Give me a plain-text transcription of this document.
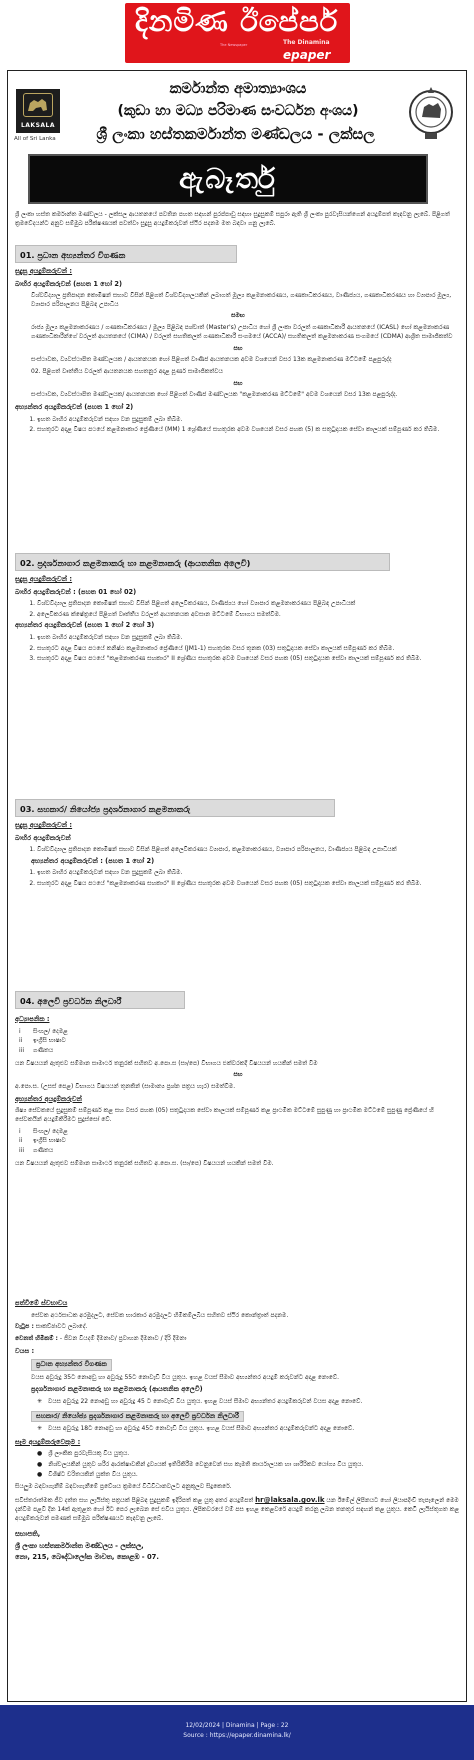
දිනමිණ ඊපේපර්
The Newspaper	The Dinamina
epaper
LAKSALA
All of Sri Lanka
කර්මාන්ත අමාත්‍යාංශය
(කුඩා හා මධ්‍ය පරිමාණ සංවර්ධන අංශය)
ශ්‍රී ලංකා හස්තකර්මාන්ත මණ්ඩලය - ලක්සල
ඇබෑර්තු
ශ්‍රී ලංකා හස්ත කර්මාන්ත මණ්ඩලය - ලක්සල ආයතනයේ පවතින පහත සඳහන් පුරප්පාඩු සඳහා සුදුසුකම් සපුරා ඇති ශ්‍රී ලංකා පුරවැසියන්ගෙන් අයදුම්පත් කැඳවනු ලැබේ. පිළිගත් ක්‍රමවේදයන්ට අනුව සම්මුඛ පරීක්ෂණයක් පවත්වා සුදුසු අයදුම්කරුවන් ස්ථිර පදනම මත බඳවා ගනු ලැබේ.
01. ප්‍රධාන අභ්‍යන්තර විගණක
සුදුසු අයදුම්කරුවන් :
බාහිර අයදුම්කරුවන් (පහත 1 හෝ 2)
විශ්වවිද්‍යාල ප්‍රතිපාදන කොමිෂන් සභාව විසින් පිළිගත් විශ්වවිද්‍යාලයකින් ලබාගත් මූල්‍ය කළමනාකරණය, ගණකාධිකරණය, වාණිජ්‍යය, ගණකාධිකරණය හා ව්‍යාපාර මූල්‍ය, ව්‍යාපාර පරිපාලනය පිළිබඳ උපාධිය
සමඟ
රාජ්‍ය මූල්‍ය කළමනාකරණය / ගණකාධිකරණය / මූල්‍ය පිළිබඳ පශ්චාත් (Master's) උපාධිය හෝ ශ්‍රී ලංකා වරලත් ගණකාධිකාරී ආයතනයේ (ICASL) හෝ කළමනාකරණ ගණකාධිකාරීන්ගේ වරලත් ආයතනයේ (CIMA) / වරලත් සහතිකලත් ගණකාධිකාරී සංගමයේ (ACCA)/ සහතිකලත් කළමනාකරණ සංගමයේ (CDMA) ආශ්‍රිත සාමාජිකත්ව
සහ
සංස්ථාවක, ව්‍යවස්ථාපිත මණ්ඩලයක / ආයතනයක හෝ පිළිගත් වාණිජ ආයතනයක අවම වශයෙන් වසර 13ක කළමනාකරණ මට්ටමේ පළපුරුද්ද
02. පිළිගත් වෘත්තීය වරලත් ආයතනයක සහතනුර අදාළ පූර්ණ සාමාජිකත්වය
සහ
සංස්ථාවක, ව්‍යවස්ථාපිත මණ්ඩලයක/ ආයතනයක හෝ පිළිගත් වාණිජ මණ්ඩලයක "කළමනාකරණ මට්ටමේ" අවම වශයෙන් වසර 13ක පළපුරුද්ද.
අභ්‍යන්තර අයදුම්කරුවන් (පහත 1 හෝ 2)
1. ඉහත බාහිර අයදුම්කරුවන් සඳහා වන සුදුසුකම් ලබා තිබීම.
2. සහතුරට අදාළ විෂය පථයේ කළමනාකාර ප්‍රේණියේ (MM) 1 ශ්‍රේණියේ සහතුරක අවම වශයෙන් වසර පහක (5) ක සතුටුදායක සේවා කාලයක් සම්පූර්ණ කර තිබීම.
02. ප්‍රදර්ශනාගාර කළමනාකරු හා කළමනාකරු (ආයතනික අලෙවි)
සුදුසු අයදුම්කරුවන් :
බාහිර අයදුම්කරුවන් : (පහත 01 හෝ 02)
1. විශ්වවිද්‍යාල ප්‍රතිපාදන කොමිෂන් සභාව විසින් පිළිගත් අලෙවිකරණය, වාණිජ්‍යය හෝ ව්‍යාපාර කළමනාකරණය පිළිබඳ උපාධියක්
2. අලෙවිකරණ ක්ෂේත්‍රයේ පිළිගත් වෘත්තීය වරලත් ආයතනයක අවසාන මට්ටමේ විභාගය සමත්වීම.
අභ්‍යන්තර අයදුම්කරුවන් (පහත 1 හෝ 2 හෝ 3)
1. ඉහත බාහිර අයදුම්කරුවන් සඳහා වන සුදුසුකම් ලබා තිබීම.
2. සහතුරට අදාළ විෂය පථයේ කනිෂ්ඨ කළමනාකාර ප්‍රේණියේ (JM1-1) සහතුරක වසර තුනක (03) සතුටුදායක සේවා කාලයක් සම්පූර්ණ කර තිබීම.
3. සහතුරට අදාළ විෂය පථයේ "කළමනාකරණ සහකාර" II ශ්‍රේණිය සහතුරක අවම වශයෙන් වසර පහක (05) සතුටුදායක සේවා කාලයක් සම්පූර්ණ කර තිබීම.
03. සහකාර/ නියෝජ්‍ය ප්‍රදර්ශනාගාර කළමනාකරු
සුදුසු අයදුම්කරුවන් :
බාහිර අයදුම්කරුවන්
1. විශ්වවිද්‍යාල ප්‍රතිපාදන කොමිෂන් සභාව විසින් පිළිගත් අලෙවිකරණය ව්‍යාපාර, කළමනාකරණය, ව්‍යාපාර පරිපාලනය, වාණිජ්‍යය පිළිබඳ උපාධියක්
අභ්‍යන්තර අයදුම්කරුවන් : (පහත 1 හෝ 2)
1. ඉහත බාහිර අයදුම්කරුවන් සඳහා වන සුදුසුකම් ලබා තිබීම.
2. සහතුරට අදාළ විෂය පථයේ "කළමනාකරණ සහකාර" II ශ්‍රේණිය සහතුරක අවම වශයෙන් වසර පහක (05) සතුටුදායක සේවා කාලයක් සම්පූර්ණ කර තිබීම.
04. අලෙවි ප්‍රවර්ධන නිලධාරී
අධ්‍යාපනික :
i සිංහල/ දෙමළ
ii ඉංග්‍රීසි භාෂාව
iii ගණිතය
යන විෂයයන් ඇතුළුව සම්මාන සාමාර්ථ තනුරක් සහිතව අ.පො.ස (සා/පෙ) විභාගය එක්වරකදී විෂයයන් හයකින් සමත් වීම
සහ
අ.පො.ස. (උසස් පෙළ) විභාගය විෂයයන් තුනකින් (සාමාන්‍ය ප්‍රශ්න පත්‍රය හැර) සමත්වීම.
අභ්‍යන්තර අයදුම්කරුවන්
ශිෂ්‍ය සේවකයේ සුදුසුකම් සම්පූර්ණ කළ සහ වසර පහක (05) සතුටුදායක සේවා කාලයක් සම්පූර්ණ කළ ප්‍රාථමික මට්ටමේ සුපුණු හා ප්‍රාථමික මට්ටමේ සුපුණු ප්‍රේණියේ හි සේවකයින් අයදුම්කිරීමට සුදුස්සෝ වේ.
i සිංහල/ දෙමළ
ii ඉංග්‍රීසි භාෂාව
iii ගණිතය
යන විෂයයන් ඇතුළුව සම්මාන සාමාර්ථ තනුරක් සහිතව අ.පො.ස. (සා/පෙ) විෂයයන් හයකින් සමත් වීම.
පත්වීමේ ස්වභාවය
සේවක අර්ථසාධක අරමුදලට, සේවක භාරකාර අරමුදලට හිමිකම්ලබිය සහිතව ස්ථිර කොන්ත්‍රාත් පදනම.
වැටුප : සාකච්ඡාවට ලබාදේ.
වෙනත් හිමිකම් : - ජීවන වියදම් දීමනාව/ ප්‍රවාහන දීමනාව / දිරි දීමනා
වයස :
ප්‍රධාන අභ්‍යන්තර විගණක
වයස අවුරුදු 35ට නොඅඩු හා අවුරුදු 55ට නොවැඩි විය යුතුය. ඉහළ වයස් සීමාව අභ්‍යන්තර අයදුම් කරුවන්ට අදාළ නොවේ.
ප්‍රදර්ශනාගාර කළමනාකරු හා කළමනාකරු (ආයතනික අලෙවි)
✳ වයස අවුරුදු 22 නොඅඩු හා අවුරුදු 45 ට නොවැඩි විය යුතුය. ඉහළ වයස් සීමාව අභ්‍යන්තර අයදුම්කරුවන් වයස අදාළ නොවේ.
සහකාර/ නියෝජ්‍ය ප්‍රදර්ශනාගාර කළමනාකරු හා අලෙවි ප්‍රවර්ධන නිලධාරී
✳ වයස අවුරුදු 18ට නොඅඩු හා අවුරුදු 45ට නොවැඩි විය යුතුය. ඉහළ වයස් සීමාව අභ්‍යන්තර අයදුම්කරුවන්ට අදාළ නොවේ.
සෑම අයදුම්කරුවෙකුම :
● ශ්‍රී ලාංකික පුරවැසියකු විය යුතුය.
● නිශ්චලයකින් යුතුව ශරීර ආරක්ෂාවකින් ද්‍රව්‍යයක් ඉතිරිකිරීම වෙනුවෙන් සහ කැමති කාර්යාලයක හා ශාරීරිකව යෝග්‍ය විය යුතුය.
● විශිෂ්ට චරිතයකින් යුක්ත විය යුතුය.
සියලුම බඳවාගැනීම් බඳවාගැනීමේ ප්‍රවේශය ක්‍රමයේ විධිවිධානවලට අනුකූලව සිදුකෙරේ.
සවිස්තරාත්මක ජීව දත්ත සහ ලැයිස්තු පත්‍රයක් පිළිබඳ සුදුසුකම් ඉදිරිපත් කළ යුතු අතර අයදුම්පත් hr@laksala.gov.lk යන ඊමේල් ලිපිනයට හෝ ලියාපදිංචි තැපෑලෙන් මෙම දැන්වීම පළවී දින 14ක් ඇතුළත හෝ ඊට පෙර ලැබෙන සේ එවිය යුතුය. ලිපිකවරයේ වම් පස ඉහළ කෙළවරේ අයදුම් කරනු ලබන තනතුර සඳහන් කළ යුතුය. කෙටි ලැයිස්තුගත කළ අයදුම්කරුවන් පමණක් සම්මුඛ පරීක්ෂණයට කැඳවනු ලැබේ.
සභාපති,
ශ්‍රී ලංකා හස්තකර්මාන්ත මණ්ඩලය - ලක්සල,
නො, 215, බෞද්ධාලෝක මාවත, කොළඹ - 07.
12/02/2024 | Dinamina | Page : 22
Source : https://epaper.dinamina.lk/
